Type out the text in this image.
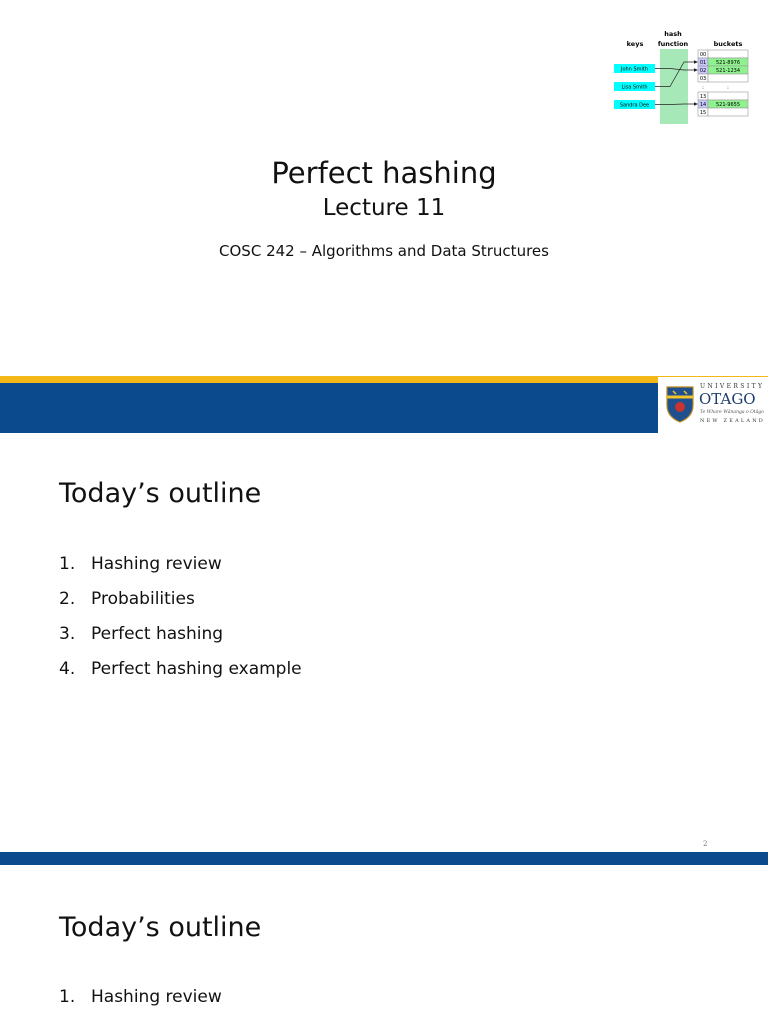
keys
hash
function	buckets
John Smith
Lisa Smith
Sandra Dee
00
01
02
03
:
13
14
15
521-8976
521-1234
:
521-9655
Perfect hashing
Lecture 11
COSC 242 – Algorithms and Data Structures
UNIVERSITY
OTAGO
Te Whare Wānanga o Otāgo
NEW ZEALAND
Today’s outline
1. Hashing review
2. Probabilities
3. Perfect hashing
4. Perfect hashing example
2
Today’s outline
1. Hashing review
